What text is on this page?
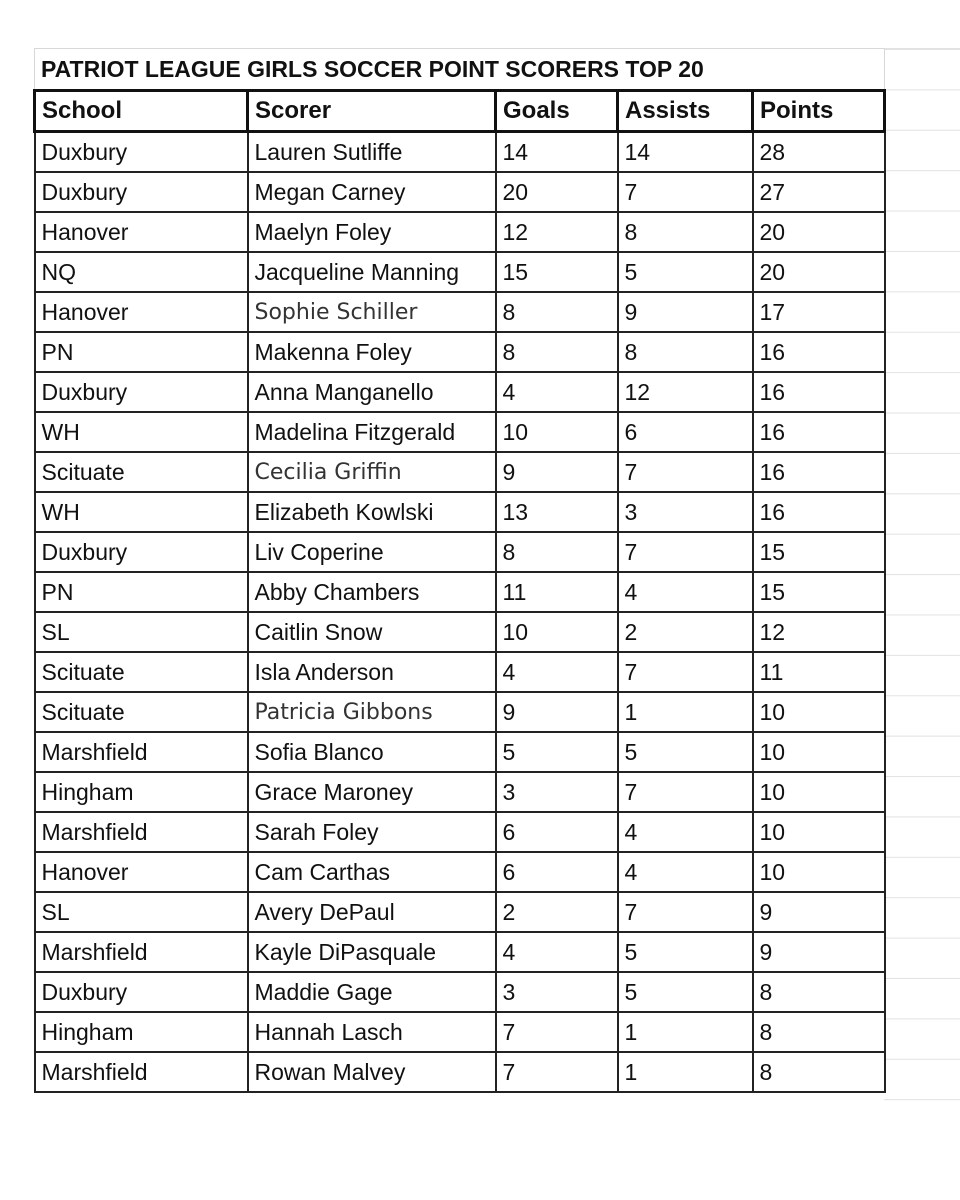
PATRIOT LEAGUE GIRLS SOCCER POINT SCORERS TOP 20				
School	Scorer	Goals	Assists	Points
Duxbury	Lauren Sutliffe	14	14	28
Duxbury	Megan Carney	20	7	27
Hanover	Maelyn Foley	12	8	20
NQ	Jacqueline Manning	15	5	20
Hanover	Sophie Schiller	8	9	17
PN	Makenna Foley	8	8	16
Duxbury	Anna Manganello	4	12	16
WH	Madelina Fitzgerald	10	6	16
Scituate	Cecilia Griffin	9	7	16
WH	Elizabeth Kowlski	13	3	16
Duxbury	Liv Coperine	8	7	15
PN	Abby Chambers	11	4	15
SL	Caitlin Snow	10	2	12
Scituate	Isla Anderson	4	7	11
Scituate	Patricia Gibbons	9	1	10
Marshfield	Sofia Blanco	5	5	10
Hingham	Grace Maroney	3	7	10
Marshfield	Sarah Foley	6	4	10
Hanover	Cam Carthas	6	4	10
SL	Avery DePaul	2	7	9
Marshfield	Kayle DiPasquale	4	5	9
Duxbury	Maddie Gage	3	5	8
Hingham	Hannah Lasch	7	1	8
Marshfield	Rowan Malvey	7	1	8
